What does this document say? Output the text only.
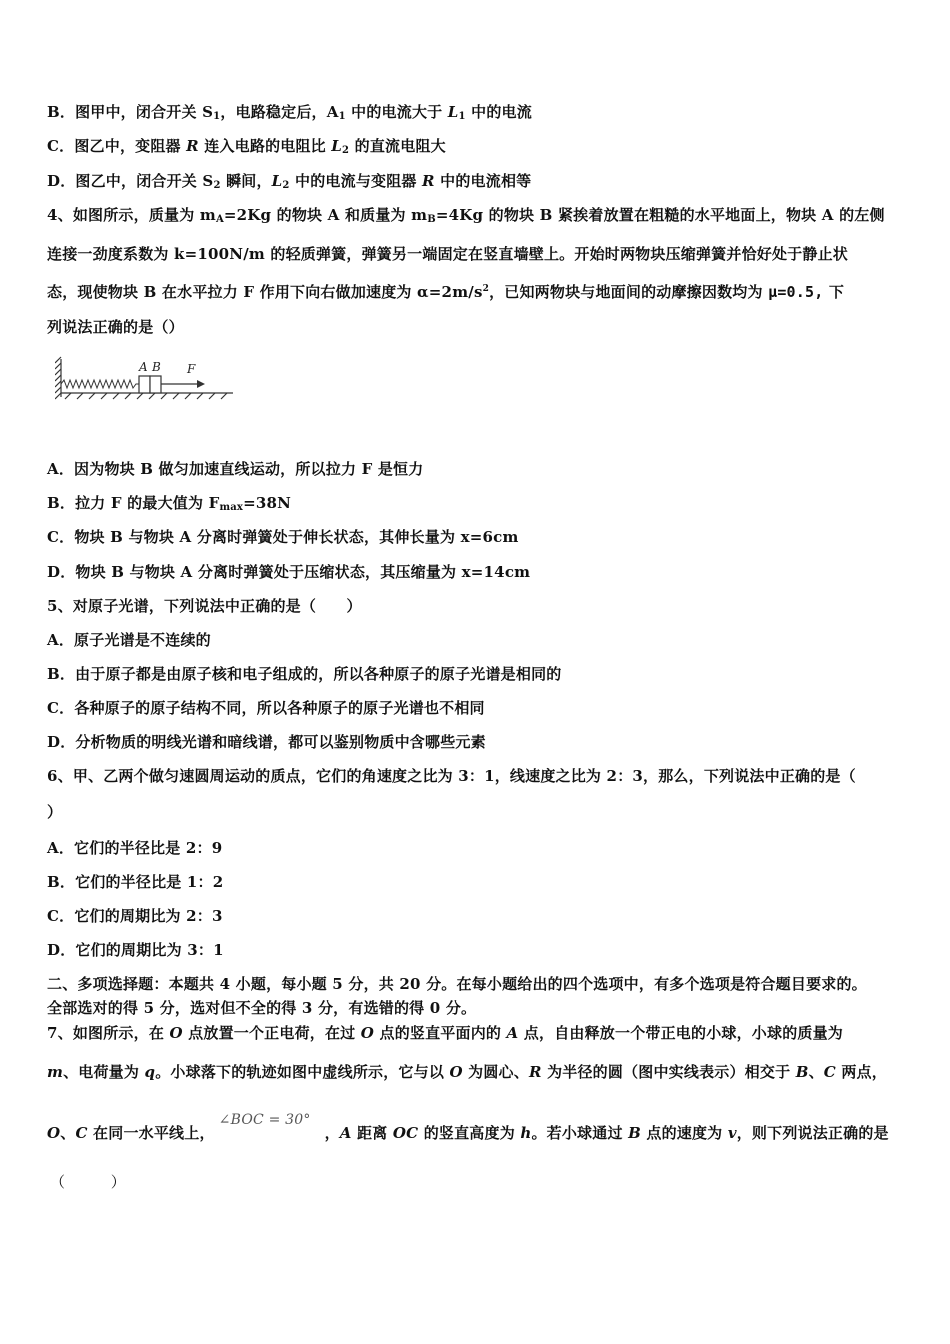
B．图甲中，闭合开关 $S_1$，电路稳定后，$A_1$ 中的电流大于 $L_1$ 中的电流
C．图乙中，变阻器 R 连入电路的电阻比 $L_2$ 的直流电阻大
D．图乙中，闭合开关 $S_2$ 瞬间，$L_2$ 中的电流与变阻器 R 中的电流相等
4、如图所示，质量为 $m_A=2Kg$ 的物块 A 和质量为 $m_B=4Kg$ 的物块 B 紧挨着放置在粗糙的水平地面上，物块 A 的左侧
连接一劲度系数为 k=100N/m 的轻质弹簧，弹簧另一端固定在竖直墙壁上。开始时两物块压缩弹簧并恰好处于静止状
态，现使物块 B 在水平拉力 F 作用下向右做加速度为 $\alpha=2m/s^2$，已知两物块与地面间的动摩擦因数均为 μ=0.5, 下
列说法正确的是（）
A B F
A．因为物块 B 做匀加速直线运动，所以拉力 F 是恒力
B．拉力 F 的最大值为 $F_{max}=38N$
C．物块 B 与物块 A 分离时弹簧处于伸长状态，其伸长量为 x=6cm
D．物块 B 与物块 A 分离时弹簧处于压缩状态，其压缩量为 x=14cm
5、对原子光谱，下列说法中正确的是（　　）
A．原子光谱是不连续的
B．由于原子都是由原子核和电子组成的，所以各种原子的原子光谱是相同的
C．各种原子的原子结构不同，所以各种原子的原子光谱也不相同
D．分析物质的明线光谱和暗线谱，都可以鉴别物质中含哪些元素
6、甲、乙两个做匀速圆周运动的质点，它们的角速度之比为 3：1，线速度之比为 2：3，那么，下列说法中正确的是（
）
A．它们的半径比是 2：9
B．它们的半径比是 1：2
C．它们的周期比为 2：3
D．它们的周期比为 3：1
二、多项选择题：本题共 4 小题，每小题 5 分，共 20 分。在每小题给出的四个选项中，有多个选项是符合题目要求的。
全部选对的得 5 分，选对但不全的得 3 分，有选错的得 0 分。
7、如图所示，在 O 点放置一个正电荷，在过 O 点的竖直平面内的 A 点，自由释放一个带正电的小球，小球的质量为
m、电荷量为 q。小球落下的轨迹如图中虚线所示，它与以 O 为圆心、R 为半径的圆（图中实线表示）相交于 B、C 两点，
O、C 在同一水平线上，∠BOC = 30°，A 距离 OC 的竖直高度为 h。若小球通过 B 点的速度为 v，则下列说法正确的是
（　　　）
